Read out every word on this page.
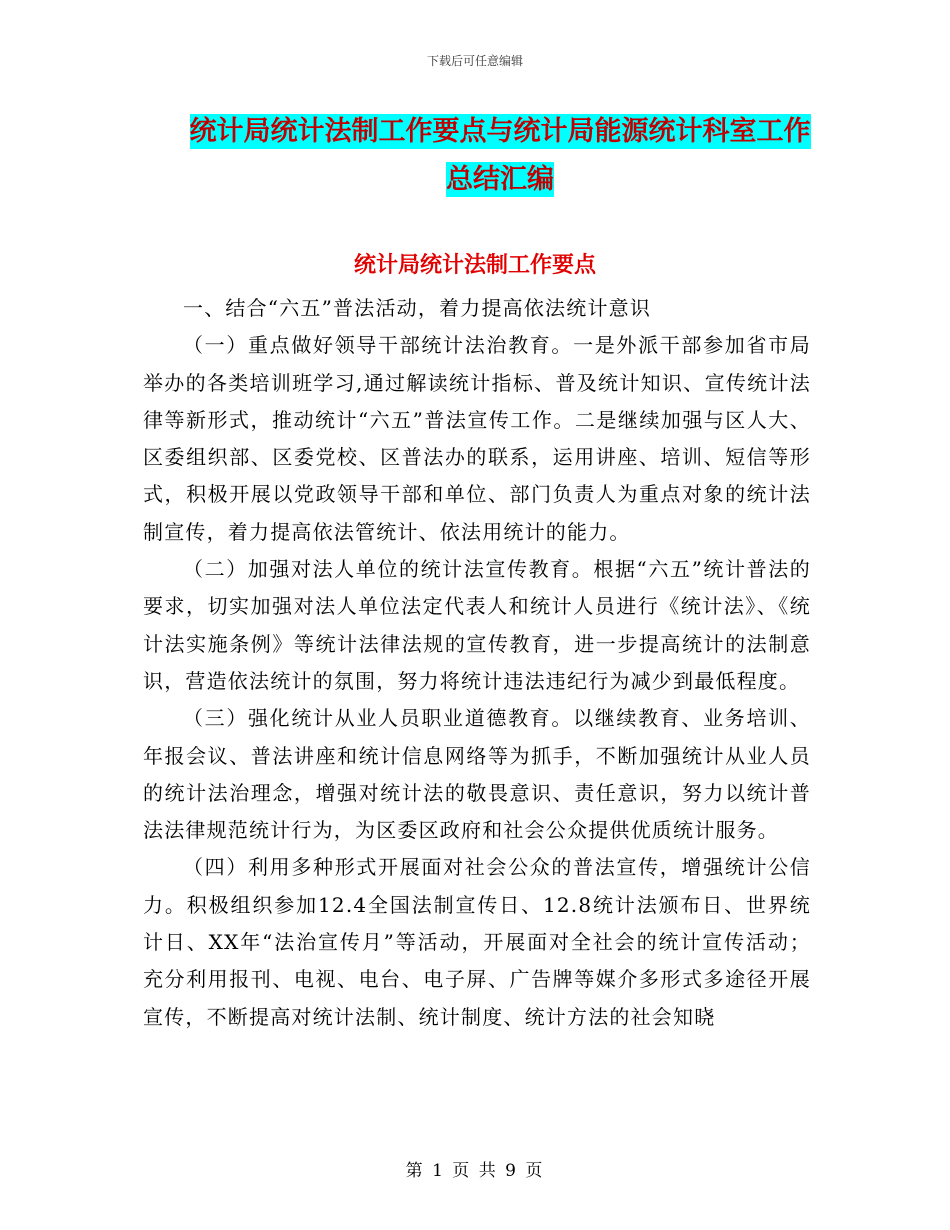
下载后可任意编辑
统计局统计法制工作要点与统计局能源统计科室工作
总结汇编
统计局统计法制工作要点

一、结合“六五”普法活动，着力提高依法统计意识

（一）重点做好领导干部统计法治教育。一是外派干部参加省市局举办的各类培训班学习,通过解读统计指标、普及统计知识、宣传统计法律等新形式，推动统计“六五”普法宣传工作。二是继续加强与区人大、区委组织部、区委党校、区普法办的联系，运用讲座、培训、短信等形式，积极开展以党政领导干部和单位、部门负责人为重点对象的统计法制宣传，着力提高依法管统计、依法用统计的能力。

（二）加强对法人单位的统计法宣传教育。根据“六五”统计普法的要求，切实加强对法人单位法定代表人和统计人员进行《统计法》、《统计法实施条例》等统计法律法规的宣传教育，进一步提高统计的法制意识，营造依法统计的氛围，努力将统计违法违纪行为减少到最低程度。

（三）强化统计从业人员职业道德教育。以继续教育、业务培训、年报会议、普法讲座和统计信息网络等为抓手，不断加强统计从业人员的统计法治理念，增强对统计法的敬畏意识、责任意识，努力以统计普法法律规范统计行为，为区委区政府和社会公众提供优质统计服务。

（四）利用多种形式开展面对社会公众的普法宣传，增强统计公信力。积极组织参加12.4全国法制宣传日、12.8统计法颁布日、世界统计日、XX年“法治宣传月”等活动，开展面对全社会的统计宣传活动；充分利用报刊、电视、电台、电子屏、广告牌等媒介多形式多途径开展宣传，不断提高对统计法制、统计制度、统计方法的社会知晓

第 1 页 共 9 页
